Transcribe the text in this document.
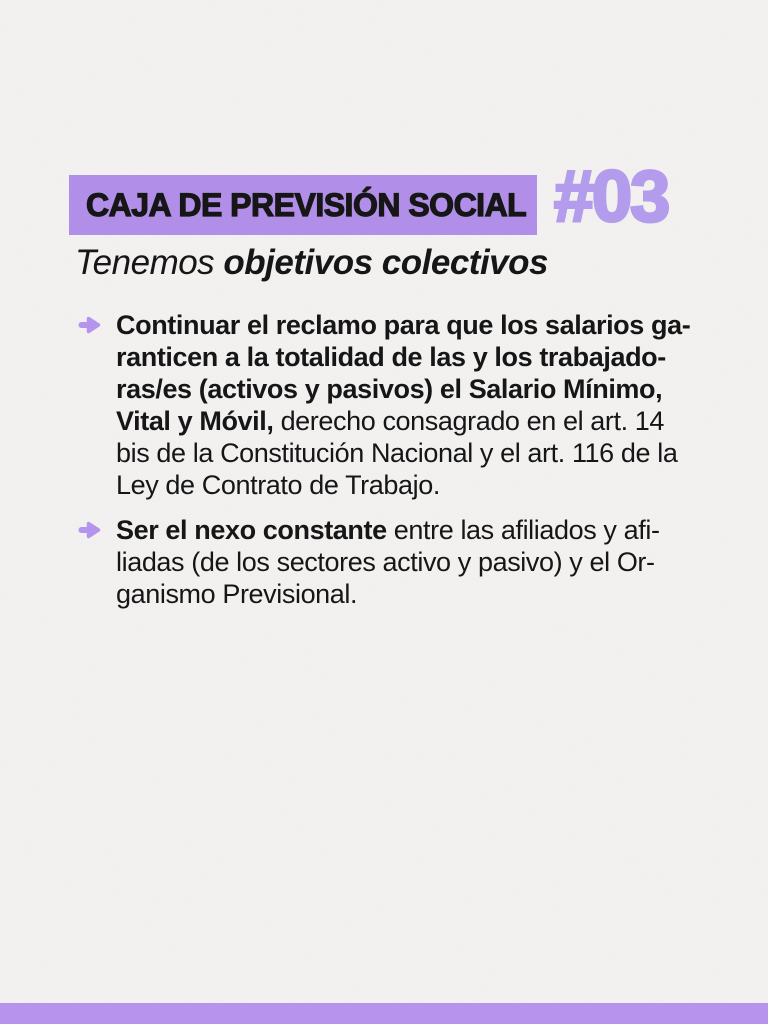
CAJA DE PREVISIÓN SOCIAL #03
Tenemos objetivos colectivos
Continuar el reclamo para que los salarios ga-
ranticen a la totalidad de las y los trabajado-
ras/es (activos y pasivos) el Salario Mínimo,
Vital y Móvil, derecho consagrado en el art. 14
bis de la Constitución Nacional y el art. 116 de la
Ley de Contrato de Trabajo.
Ser el nexo constante entre las afiliados y afi-
liadas (de los sectores activo y pasivo) y el Or-
ganismo Previsional.
